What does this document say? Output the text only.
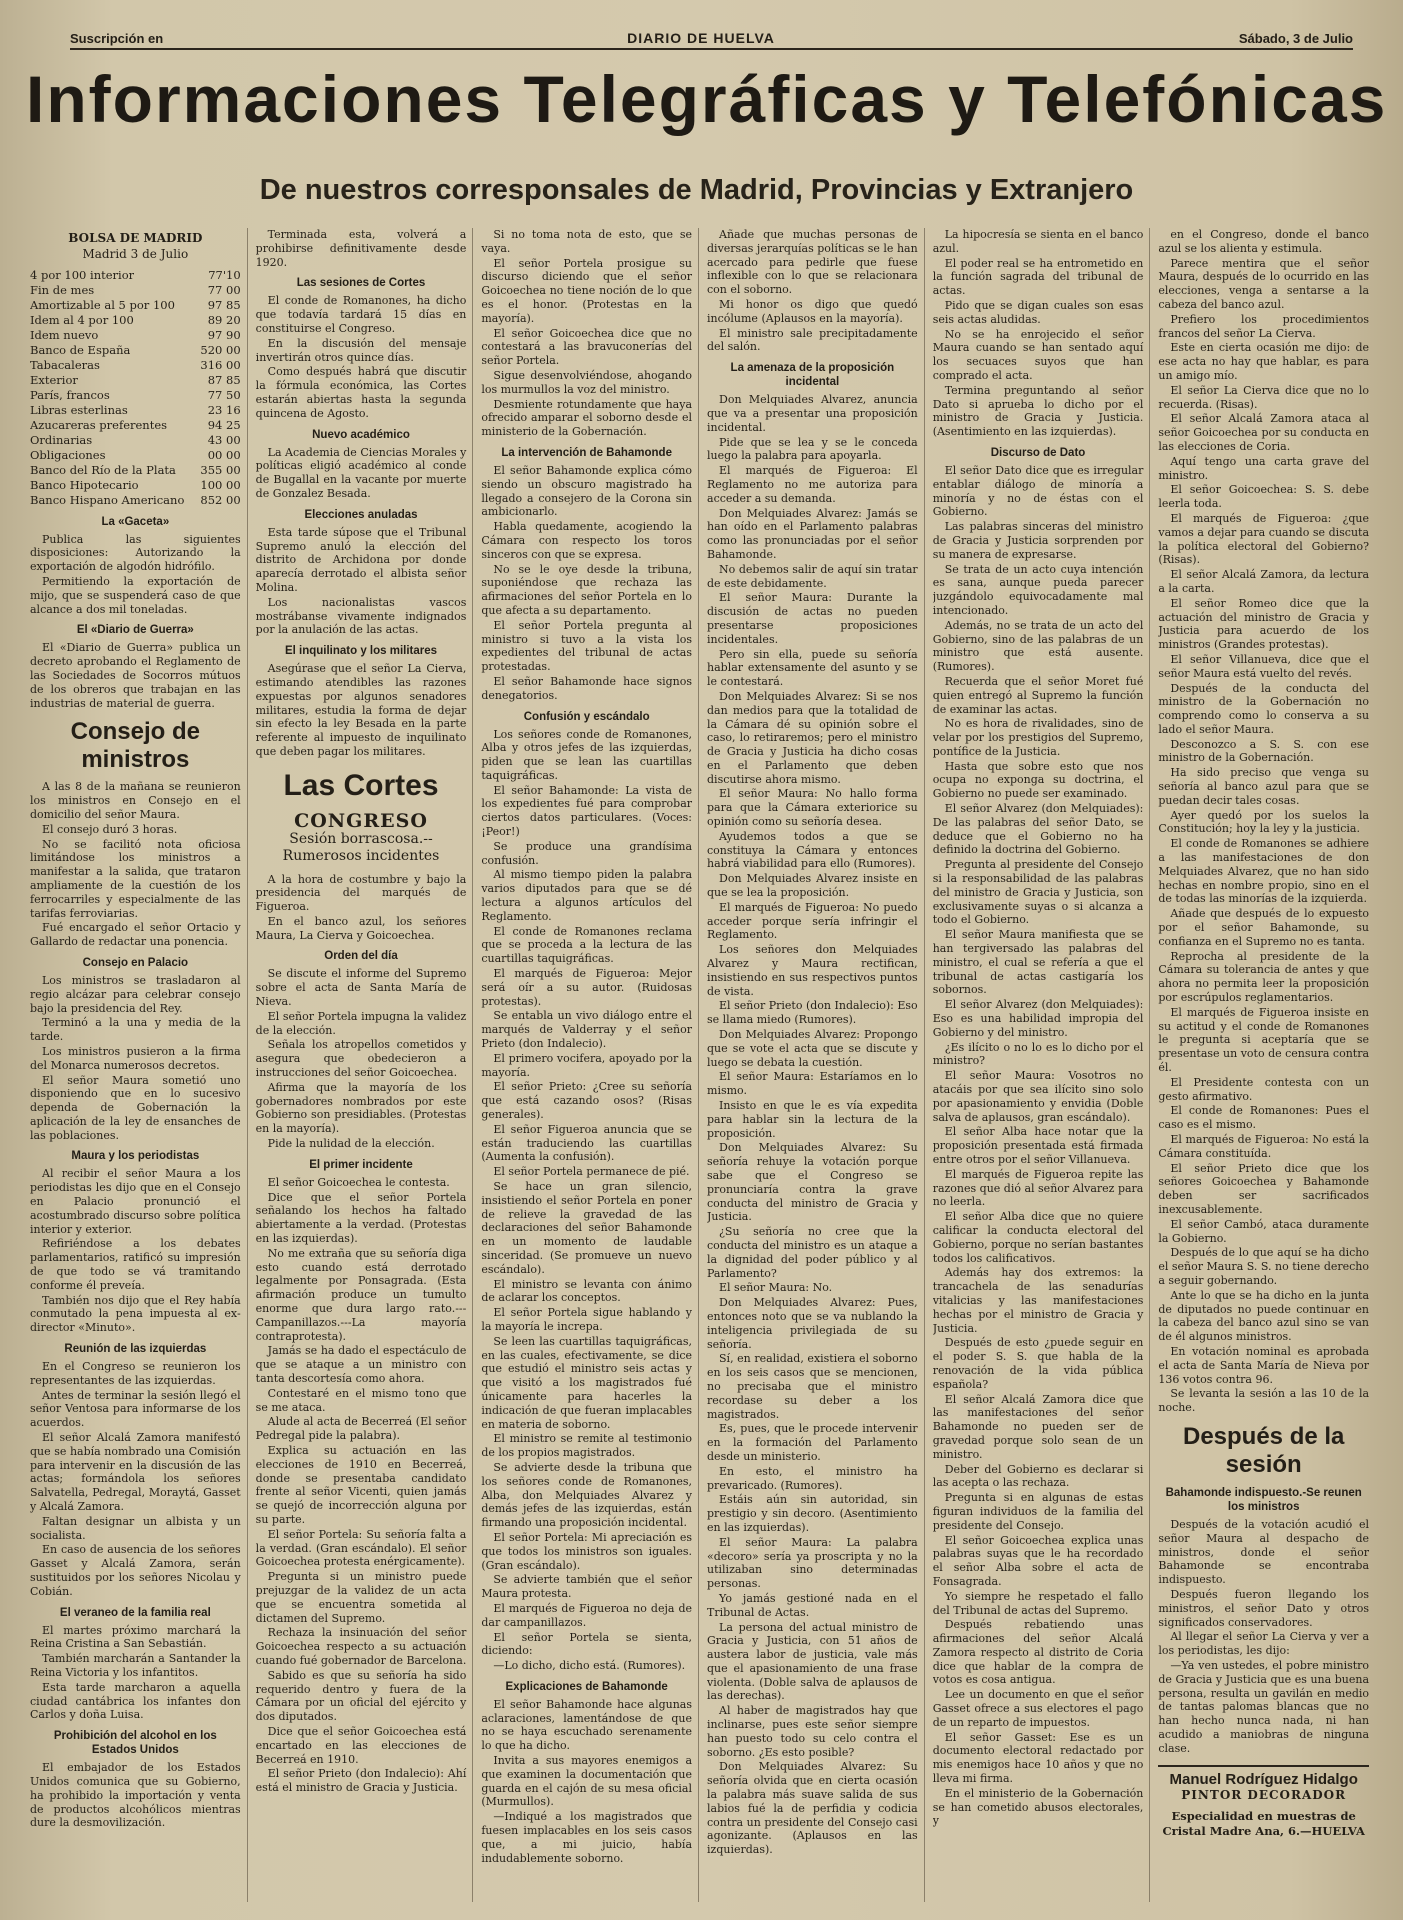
Suscripción en	DIARIO DE HUELVA	Sábado, 3 de Julio
Informaciones Telegráficas y Telefónicas
De nuestros corresponsales de Madrid, Provincias y Extranjero
BOLSA DE MADRID
Madrid 3 de Julio
4 por 100 interior	77'10
Fin de mes	77 00
Amortizable al 5 por 100	97 85
Idem al 4 por 100	89 20
Idem nuevo	97 90
Banco de España	520 00
Tabacaleras	316 00
Exterior	87 85
París, francos	77 50
Libras esterlinas	23 16
Azucareras preferentes	94 25
Ordinarias	43 00
Obligaciones	00 00
Banco del Río de la Plata 355 00
Banco Hipotecario	100 00
Banco Hispano Americano 852 00
La «Gaceta»

Publica las siguientes disposiciones: Autorizando la exportación de algodón hidrófilo.

Permitiendo la exportación de mijo, que se suspenderá caso de que alcance a dos mil toneladas.

El «Diario de Guerra»

El «Diario de Guerra» publica un decreto aprobando el Reglamento de las Sociedades de Socorros mútuos de los obreros que trabajan en las industrias de material de guerra.

Consejo de ministros

A las 8 de la mañana se reunieron los ministros en Consejo en el domicilio del señor Maura.

El consejo duró 3 horas.

No se facilitó nota oficiosa limitándose los ministros a manifestar a la salida, que trataron ampliamente de la cuestión de los ferrocarriles y especialmente de las tarifas ferroviarias.

Fué encargado el señor Ortacio y Gallardo de redactar una ponencia.

Consejo en Palacio

Los ministros se trasladaron al regio alcázar para celebrar consejo bajo la presidencia del Rey.

Terminó a la una y media de la tarde.

Los ministros pusieron a la firma del Monarca numerosos decretos.

El señor Maura sometió uno disponiendo que en lo sucesivo dependa de Gobernación la aplicación de la ley de ensanches de las poblaciones.

Maura y los periodistas

Al recibir el señor Maura a los periodistas les dijo que en el Consejo en Palacio pronunció el acostumbrado discurso sobre política interior y exterior.

Refiriéndose a los debates parlamentarios, ratificó su impresión de que todo se vá tramitando conforme él preveía.

También nos dijo que el Rey había conmutado la pena impuesta al ex-director «Minuto».

Reunión de las izquierdas

En el Congreso se reunieron los representantes de las izquierdas.

Antes de terminar la sesión llegó el señor Ventosa para informarse de los acuerdos.

El señor Alcalá Zamora manifestó que se había nombrado una Comisión para intervenir en la discusión de las actas; formándola los señores Salvatella, Pedregal, Moraytá, Gasset y Alcalá Zamora.

Faltan designar un albista y un socialista.

En caso de ausencia de los señores Gasset y Alcalá Zamora, serán sustituidos por los señores Nicolau y Cobián.

El veraneo de la familia real

El martes próximo marchará la Reina Cristina a San Sebastián.

También marcharán a Santander la Reina Victoria y los infantitos.

Esta tarde marcharon a aquella ciudad cantábrica los infantes don Carlos y doña Luisa.

Prohibición del alcohol en los Estados Unidos

El embajador de los Estados Unidos comunica que su Gobierno, ha prohibido la importación y venta de productos alcohólicos mientras dure la desmovilización.

Terminada esta, volverá a prohibirse definitivamente desde 1920.

Las sesiones de Cortes

El conde de Romanones, ha dicho que todavía tardará 15 días en constituirse el Congreso.

En la discusión del mensaje invertirán otros quince días.

Como después habrá que discutir la fórmula económica, las Cortes estarán abiertas hasta la segunda quincena de Agosto.

Nuevo académico

La Academia de Ciencias Morales y políticas eligió académico al conde de Bugallal en la vacante por muerte de Gonzalez Besada.

Elecciones anuladas

Esta tarde súpose que el Tribunal Supremo anuló la elección del distrito de Archidona por donde aparecía derrotado el albista señor Molina.

Los nacionalistas vascos mostrábanse vivamente indignados por la anulación de las actas.

El inquilinato y los militares

Asegúrase que el señor La Cierva, estimando atendibles las razones expuestas por algunos senadores militares, estudia la forma de dejar sin efecto la ley Besada en la parte referente al impuesto de inquilinato que deben pagar los militares.

Las Cortes
CONGRESO
Sesión borrascosa.--Rumerosos incidentes

A la hora de costumbre y bajo la presidencia del marqués de Figueroa.

En el banco azul, los señores Maura, La Cierva y Goicoechea.

Orden del día

Se discute el informe del Supremo sobre el acta de Santa María de Nieva.

El señor Portela impugna la validez de la elección.

Señala los atropellos cometidos y asegura que obedecieron a instrucciones del señor Goicoechea.

Afirma que la mayoría de los gobernadores nombrados por este Gobierno son presidiables. (Protestas en la mayoría).

Pide la nulidad de la elección.

El primer incidente

El señor Goicoechea le contesta.

Dice que el señor Portela señalando los hechos ha faltado abiertamente a la verdad. (Protestas en las izquierdas).

No me extraña que su señoría diga esto cuando está derrotado legalmente por Ponsagrada. (Esta afirmación produce un tumulto enorme que dura largo rato.---Campanillazos.---La mayoría contraprotesta).

Jamás se ha dado el espectáculo de que se ataque a un ministro con tanta descortesía como ahora.

Contestaré en el mismo tono que se me ataca.

Alude al acta de Becerreá (El señor Pedregal pide la palabra).

Explica su actuación en las elecciones de 1910 en Becerreá, donde se presentaba candidato frente al señor Vicenti, quien jamás se quejó de incorrección alguna por su parte.

El señor Portela: Su señoría falta a la verdad. (Gran escándalo). El señor Goicoechea protesta enérgicamente).

Pregunta si un ministro puede prejuzgar de la validez de un acta que se encuentra sometida al dictamen del Supremo.

Rechaza la insinuación del señor Goicoechea respecto a su actuación cuando fué gobernador de Barcelona.

Sabido es que su señoría ha sido requerido dentro y fuera de la Cámara por un oficial del ejército y dos diputados.

Dice que el señor Goicoechea está encartado en las elecciones de Becerreá en 1910.

El señor Prieto (don Indalecio): Ahí está el ministro de Gracia y Justicia.

Si no toma nota de esto, que se vaya.

El señor Portela prosigue su discurso diciendo que el señor Goicoechea no tiene noción de lo que es el honor. (Protestas en la mayoría).

El señor Goicoechea dice que no contestará a las bravuconerías del señor Portela.

Sigue desenvolviéndose, ahogando los murmullos la voz del ministro.

Desmiente rotundamente que haya ofrecido amparar el soborno desde el ministerio de la Gobernación.

La intervención de Bahamonde

El señor Bahamonde explica cómo siendo un obscuro magistrado ha llegado a consejero de la Corona sin ambicionarlo.

Habla quedamente, acogiendo la Cámara con respecto los toros sinceros con que se expresa.

No se le oye desde la tribuna, suponiéndose que rechaza las afirmaciones del señor Portela en lo que afecta a su departamento.

El señor Portela pregunta al ministro si tuvo a la vista los expedientes del tribunal de actas protestadas.

El señor Bahamonde hace signos denegatorios.

Confusión y escándalo

Los señores conde de Romanones, Alba y otros jefes de las izquierdas, piden que se lean las cuartillas taquigráficas.

El señor Bahamonde: La vista de los expedientes fué para comprobar ciertos datos particulares. (Voces: ¡Peor!)

Se produce una grandísima confusión.

Al mismo tiempo piden la palabra varios diputados para que se dé lectura a algunos artículos del Reglamento.

El conde de Romanones reclama que se proceda a la lectura de las cuartillas taquigráficas.

El marqués de Figueroa: Mejor será oír a su autor. (Ruidosas protestas).

Se entabla un vivo diálogo entre el marqués de Valderray y el señor Prieto (don Indalecio).

El primero vocifera, apoyado por la mayoría.

El señor Prieto: ¿Cree su señoría que está cazando osos? (Risas generales).

El señor Figueroa anuncia que se están traduciendo las cuartillas (Aumenta la confusión).

El señor Portela permanece de pié.

Se hace un gran silencio, insistiendo el señor Portela en poner de relieve la gravedad de las declaraciones del señor Bahamonde en un momento de laudable sinceridad. (Se promueve un nuevo escándalo).

El ministro se levanta con ánimo de aclarar los conceptos.

El señor Portela sigue hablando y la mayoría le increpa.

Se leen las cuartillas taquigráficas, en las cuales, efectivamente, se dice que estudió el ministro seis actas y que visitó a los magistrados fué únicamente para hacerles la indicación de que fueran implacables en materia de soborno.

El ministro se remite al testimonio de los propios magistrados.

Se advierte desde la tribuna que los señores conde de Romanones, Alba, don Melquiades Alvarez y demás jefes de las izquierdas, están firmando una proposición incidental.

El señor Portela: Mi apreciación es que todos los ministros son iguales. (Gran escándalo).

Se advierte también que el señor Maura protesta.

El marqués de Figueroa no deja de dar campanillazos.

El señor Portela se sienta, diciendo:

—Lo dicho, dicho está. (Rumores).

Explicaciones de Bahamonde

El señor Bahamonde hace algunas aclaraciones, lamentándose de que no se haya escuchado serenamente lo que ha dicho.

Invita a sus mayores enemigos a que examinen la documentación que guarda en el cajón de su mesa oficial (Murmullos).

—Indiqué a los magistrados que fuesen implacables en los seis casos que, a mi juicio, había indudablemente soborno.

Añade que muchas personas de diversas jerarquías políticas se le han acercado para pedirle que fuese inflexible con lo que se relacionara con el soborno.

Mi honor os digo que quedó incólume (Aplausos en la mayoría).

El ministro sale precipitadamente del salón.

La amenaza de la proposición incidental

Don Melquiades Alvarez, anuncia que va a presentar una proposición incidental.

Pide que se lea y se le conceda luego la palabra para apoyarla.

El marqués de Figueroa: El Reglamento no me autoriza para acceder a su demanda.

Don Melquiades Alvarez: Jamás se han oído en el Parlamento palabras como las pronunciadas por el señor Bahamonde.

No debemos salir de aquí sin tratar de este debidamente.

El señor Maura: Durante la discusión de actas no pueden presentarse proposiciones incidentales.

Pero sin ella, puede su señoría hablar extensamente del asunto y se le contestará.

Don Melquiades Alvarez: Si se nos dan medios para que la totalidad de la Cámara dé su opinión sobre el caso, lo retiraremos; pero el ministro de Gracia y Justicia ha dicho cosas en el Parlamento que deben discutirse ahora mismo.

El señor Maura: No hallo forma para que la Cámara exteriorice su opinión como su señoría desea.

Ayudemos todos a que se constituya la Cámara y entonces habrá viabilidad para ello (Rumores).

Don Melquiades Alvarez insiste en que se lea la proposición.

El marqués de Figueroa: No puedo acceder porque sería infringir el Reglamento.

Los señores don Melquiades Alvarez y Maura rectifican, insistiendo en sus respectivos puntos de vista.

El señor Prieto (don Indalecio): Eso se llama miedo (Rumores).

Don Melquiades Alvarez: Propongo que se vote el acta que se discute y luego se debata la cuestión.

El señor Maura: Estaríamos en lo mismo.

Insisto en que le es vía expedita para hablar sin la lectura de la proposición.

Don Melquiades Alvarez: Su señoría rehuye la votación porque sabe que el Congreso se pronunciaría contra la grave conducta del ministro de Gracia y Justicia.

¿Su señoría no cree que la conducta del ministro es un ataque a la dignidad del poder público y al Parlamento?

El señor Maura: No.

Don Melquiades Alvarez: Pues, entonces noto que se va nublando la inteligencia privilegiada de su señoría.

Sí, en realidad, existiera el soborno en los seis casos que se mencionen, no precisaba que el ministro recordase su deber a los magistrados.

Es, pues, que le procede intervenir en la formación del Parlamento desde un ministerio.

En esto, el ministro ha prevaricado. (Rumores).

Estáis aún sin autoridad, sin prestigio y sin decoro. (Asentimiento en las izquierdas).

El señor Maura: La palabra «decoro» sería ya proscripta y no la utilizaban sino determinadas personas.

Yo jamás gestioné nada en el Tribunal de Actas.

La persona del actual ministro de Gracia y Justicia, con 51 años de austera labor de justicia, vale más que el apasionamiento de una frase violenta. (Doble salva de aplausos de las derechas).

Al haber de magistrados hay que inclinarse, pues este señor siempre han puesto todo su celo contra el soborno. ¿Es esto posible?

Don Melquiades Alvarez: Su señoría olvida que en cierta ocasión la palabra más suave salida de sus labios fué la de perfidia y codicia contra un presidente del Consejo casi agonizante. (Aplausos en las izquierdas).

La hipocresía se sienta en el banco azul.

El poder real se ha entrometido en la función sagrada del tribunal de actas.

Pido que se digan cuales son esas seis actas aludidas.

No se ha enrojecido el señor Maura cuando se han sentado aquí los secuaces suyos que han comprado el acta.

Termina preguntando al señor Dato si aprueba lo dicho por el ministro de Gracia y Justicia. (Asentimiento en las izquierdas).

Discurso de Dato

El señor Dato dice que es irregular entablar diálogo de minoría a minoría y no de éstas con el Gobierno.

Las palabras sinceras del ministro de Gracia y Justicia sorprenden por su manera de expresarse.

Se trata de un acto cuya intención es sana, aunque pueda parecer juzgándolo equivocadamente mal intencionado.

Además, no se trata de un acto del Gobierno, sino de las palabras de un ministro que está ausente. (Rumores).

Recuerda que el señor Moret fué quien entregó al Supremo la función de examinar las actas.

No es hora de rivalidades, sino de velar por los prestigios del Supremo, pontífice de la Justicia.

Hasta que sobre esto que nos ocupa no exponga su doctrina, el Gobierno no puede ser examinado.

El señor Alvarez (don Melquiades): De las palabras del señor Dato, se deduce que el Gobierno no ha definido la doctrina del Gobierno.

Pregunta al presidente del Consejo si la responsabilidad de las palabras del ministro de Gracia y Justicia, son exclusivamente suyas o si alcanza a todo el Gobierno.

El señor Maura manifiesta que se han tergiversado las palabras del ministro, el cual se refería a que el tribunal de actas castigaría los sobornos.

El señor Alvarez (don Melquiades): Eso es una habilidad impropia del Gobierno y del ministro.

¿Es ilícito o no lo es lo dicho por el ministro?

El señor Maura: Vosotros no atacáis por que sea ilícito sino solo por apasionamiento y envidia (Doble salva de aplausos, gran escándalo).

El señor Alba hace notar que la proposición presentada está firmada entre otros por el señor Villanueva.

El marqués de Figueroa repite las razones que dió al señor Alvarez para no leerla.

El señor Alba dice que no quiere calificar la conducta electoral del Gobierno, porque no serían bastantes todos los calificativos.

Además hay dos extremos: la trancachela de las senadurías vitalicias y las manifestaciones hechas por el ministro de Gracia y Justicia.

Después de esto ¿puede seguir en el poder S. S. que habla de la renovación de la vida pública española?

El señor Alcalá Zamora dice que las manifestaciones del señor Bahamonde no pueden ser de gravedad porque solo sean de un ministro.

Deber del Gobierno es declarar si las acepta o las rechaza.

Pregunta si en algunas de estas figuran individuos de la familia del presidente del Consejo.

El señor Goicoechea explica unas palabras suyas que le ha recordado el señor Alba sobre el acta de Fonsagrada.

Yo siempre he respetado el fallo del Tribunal de actas del Supremo.

Después rebatiendo unas afirmaciones del señor Alcalá Zamora respecto al distrito de Coria dice que hablar de la compra de votos es cosa antigua.

Lee un documento en que el señor Gasset ofrece a sus electores el pago de un reparto de impuestos.

El señor Gasset: Ese es un documento electoral redactado por mis enemigos hace 10 años y que no lleva mi firma.

En el ministerio de la Gobernación se han cometido abusos electorales, y

en el Congreso, donde el banco azul se los alienta y estimula.

Parece mentira que el señor Maura, después de lo ocurrido en las elecciones, venga a sentarse a la cabeza del banco azul.

Prefiero los procedimientos francos del señor La Cierva.

Este en cierta ocasión me dijo: de ese acta no hay que hablar, es para un amigo mío.

El señor La Cierva dice que no lo recuerda. (Risas).

El señor Alcalá Zamora ataca al señor Goicoechea por su conducta en las elecciones de Coria.

Aquí tengo una carta grave del ministro.

El señor Goicoechea: S. S. debe leerla toda.

El marqués de Figueroa: ¿que vamos a dejar para cuando se discuta la política electoral del Gobierno? (Risas).

El señor Alcalá Zamora, da lectura a la carta.

El señor Romeo dice que la actuación del ministro de Gracia y Justicia para acuerdo de los ministros (Grandes protestas).

El señor Villanueva, dice que el señor Maura está vuelto del revés.

Después de la conducta del ministro de la Gobernación no comprendo como lo conserva a su lado el señor Maura.

Desconozco a S. S. con ese ministro de la Gobernación.

Ha sido preciso que venga su señoría al banco azul para que se puedan decir tales cosas.

Ayer quedó por los suelos la Constitución; hoy la ley y la justicia.

El conde de Romanones se adhiere a las manifestaciones de don Melquiades Alvarez, que no han sido hechas en nombre propio, sino en el de todas las minorías de la izquierda.

Añade que después de lo expuesto por el señor Bahamonde, su confianza en el Supremo no es tanta.

Reprocha al presidente de la Cámara su tolerancia de antes y que ahora no permita leer la proposición por escrúpulos reglamentarios.

El marqués de Figueroa insiste en su actitud y el conde de Romanones le pregunta si aceptaría que se presentase un voto de censura contra él.

El Presidente contesta con un gesto afirmativo.

El conde de Romanones: Pues el caso es el mismo.

El marqués de Figueroa: No está la Cámara constituída.

El señor Prieto dice que los señores Goicoechea y Bahamonde deben ser sacrificados inexcusablemente.

El señor Cambó, ataca duramente la Gobierno.

Después de lo que aquí se ha dicho el señor Maura S. S. no tiene derecho a seguir gobernando.

Ante lo que se ha dicho en la junta de diputados no puede continuar en la cabeza del banco azul sino se van de él algunos ministros.

En votación nominal es aprobada el acta de Santa María de Nieva por 136 votos contra 96.

Se levanta la sesión a las 10 de la noche.

Después de la sesión
Bahamonde indispuesto.-Se reunen los ministros

Después de la votación acudió el señor Maura al despacho de ministros, donde el señor Bahamonde se encontraba indispuesto.

Después fueron llegando los ministros, el señor Dato y otros significados conservadores.

Al llegar el señor La Cierva y ver a los periodistas, les dijo:

—Ya ven ustedes, el pobre ministro de Gracia y Justicia que es una buena persona, resulta un gavilán en medio de tantas palomas blancas que no han hecho nunca nada, ni han acudido a maniobras de ninguna clase.

Manuel Rodríguez Hidalgo
PINTOR DECORADOR
Especialidad en muestras de Cristal Madre Ana, 6.—HUELVA
